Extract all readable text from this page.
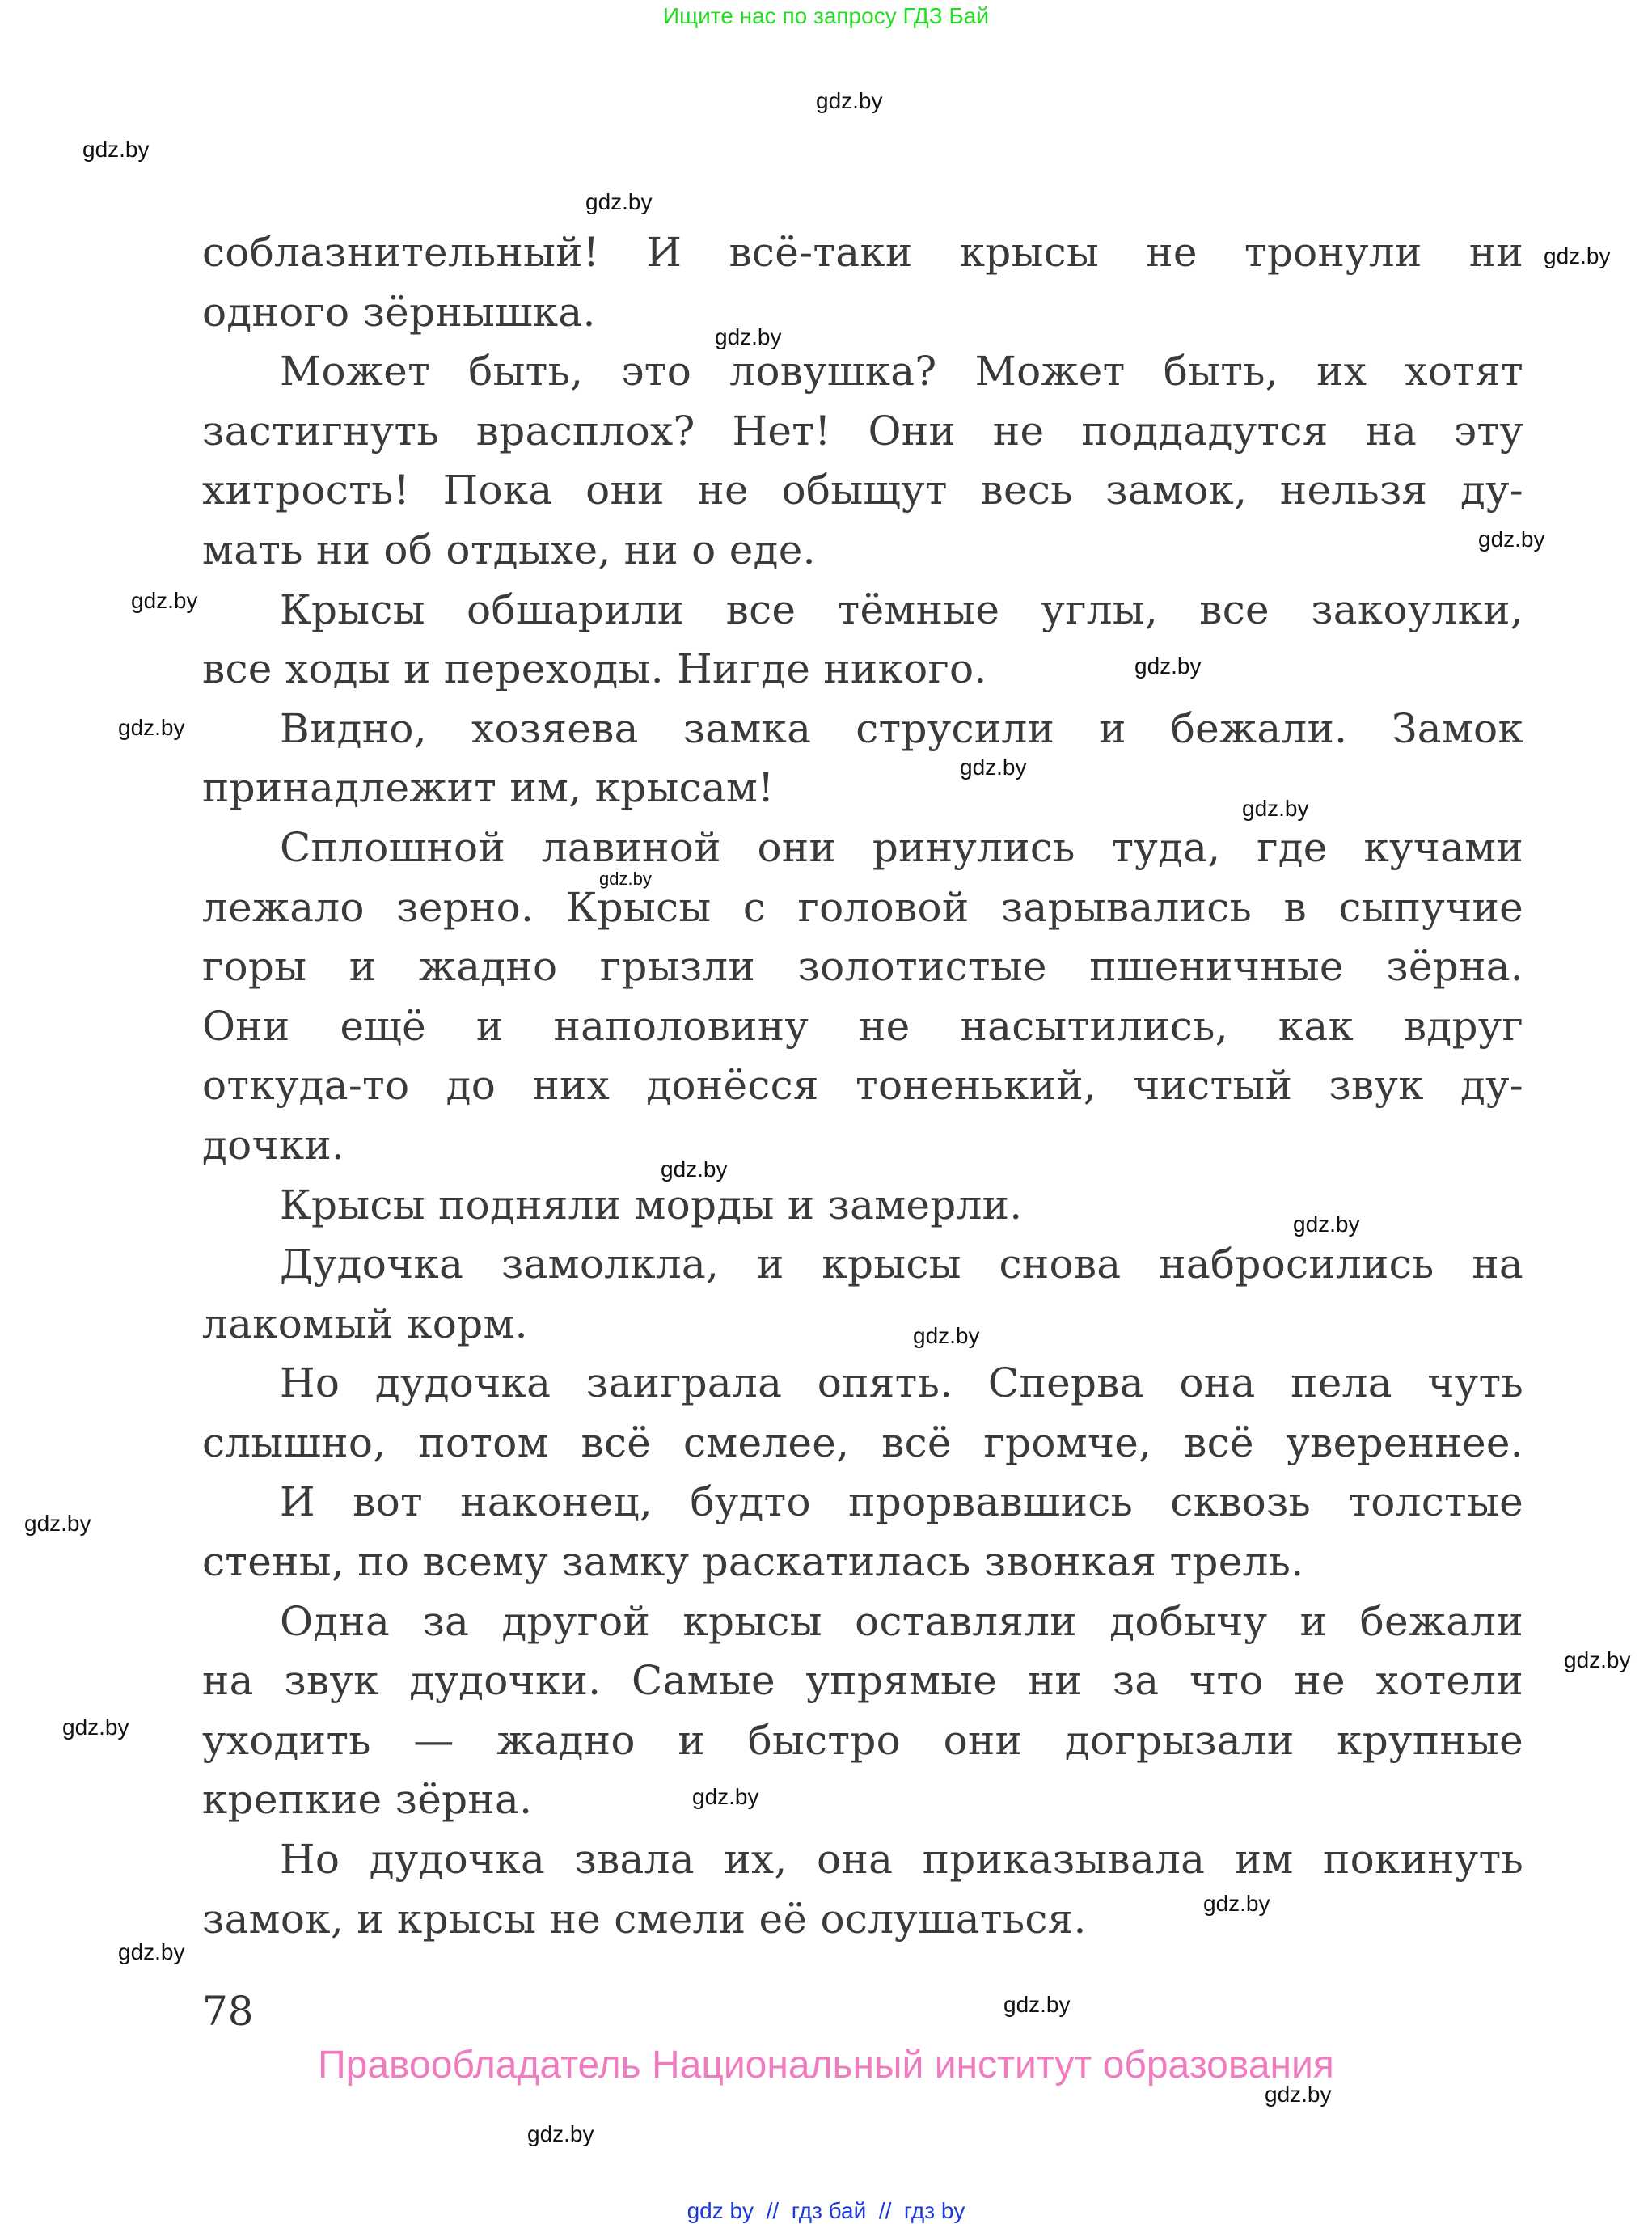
Ищите нас по запросу ГДЗ Бай
соблазнительный! И всё-таки крысы не тронули ни
одного зёрнышка.
Может быть, это ловушка? Может быть, их хотят
застигнуть врасплох? Нет! Они не поддадутся на эту
хитрость! Пока они не обыщут весь замок, нельзя ду-
мать ни об отдыхе, ни о еде.
Крысы обшарили все тёмные углы, все закоулки,
все ходы и переходы. Нигде никого.
Видно, хозяева замка струсили и бежали. Замок
принадлежит им, крысам!
Сплошной лавиной они ринулись туда, где кучами
лежало зерно. Крысы с головой зарывались в сыпучие
горы и жадно грызли золотистые пшеничные зёрна.
Они ещё и наполовину не насытились, как вдруг
откуда-то до них донёсся тоненький, чистый звук ду-
дочки.
Крысы подняли морды и замерли.
Дудочка замолкла, и крысы снова набросились на
лакомый корм.
Но дудочка заиграла опять. Сперва она пела чуть
слышно, потом всё смелее, всё громче, всё увереннее.
И вот наконец, будто прорвавшись сквозь толстые
стены, по всему замку раскатилась звонкая трель.
Одна за другой крысы оставляли добычу и бежали
на звук дудочки. Самые упрямые ни за что не хотели
уходить — жадно и быстро они догрызали крупные
крепкие зёрна.
Но дудочка звала их, она приказывала им покинуть
замок, и крысы не смели её ослушаться.
gdz.by
gdz.by
gdz.by
gdz.by
gdz.by
gdz.by
gdz.by
gdz.by
gdz.by
gdz.by
gdz.by
gdz.by
gdz.by
gdz.by
gdz.by
gdz.by
gdz.by
gdz.by
gdz.by
gdz.by
gdz.by
gdz.by
gdz.by
gdz.by
78
Правообладатель Национальный институт образования
gdz by  //  гдз бай  //  гдз by
